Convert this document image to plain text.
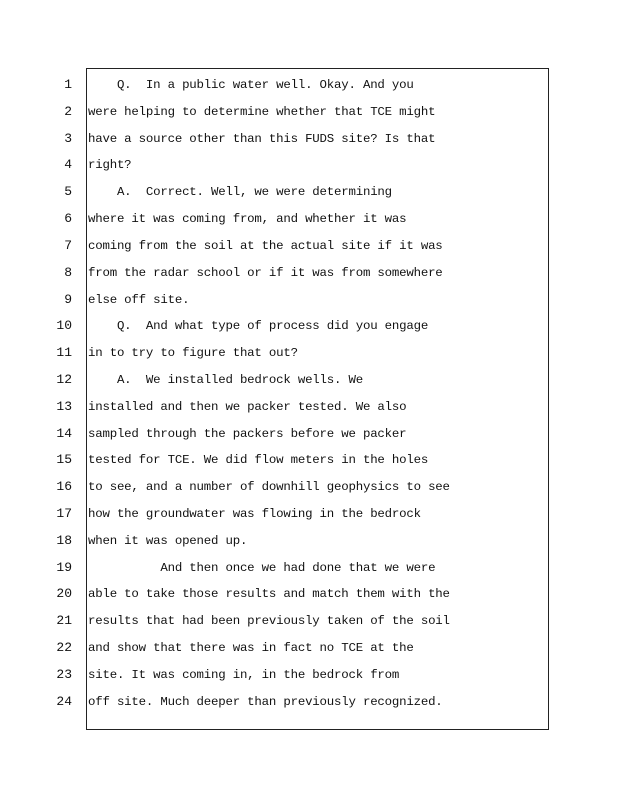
1 Q.  In a public water well. Okay. And you
2 were helping to determine whether that TCE might
3 have a source other than this FUDS site? Is that
4 right?
5 A.  Correct. Well, we were determining
6 where it was coming from, and whether it was
7 coming from the soil at the actual site if it was
8 from the radar school or if it was from somewhere
9 else off site.
10 Q.  And what type of process did you engage
11 in to try to figure that out?
12 A.  We installed bedrock wells. We
13 installed and then we packer tested. We also
14 sampled through the packers before we packer
15 tested for TCE. We did flow meters in the holes
16 to see, and a number of downhill geophysics to see
17 how the groundwater was flowing in the bedrock
18 when it was opened up.
19 And then once we had done that we were
20 able to take those results and match them with the
21 results that had been previously taken of the soil
22 and show that there was in fact no TCE at the
23 site. It was coming in, in the bedrock from
24 off site. Much deeper than previously recognized.
